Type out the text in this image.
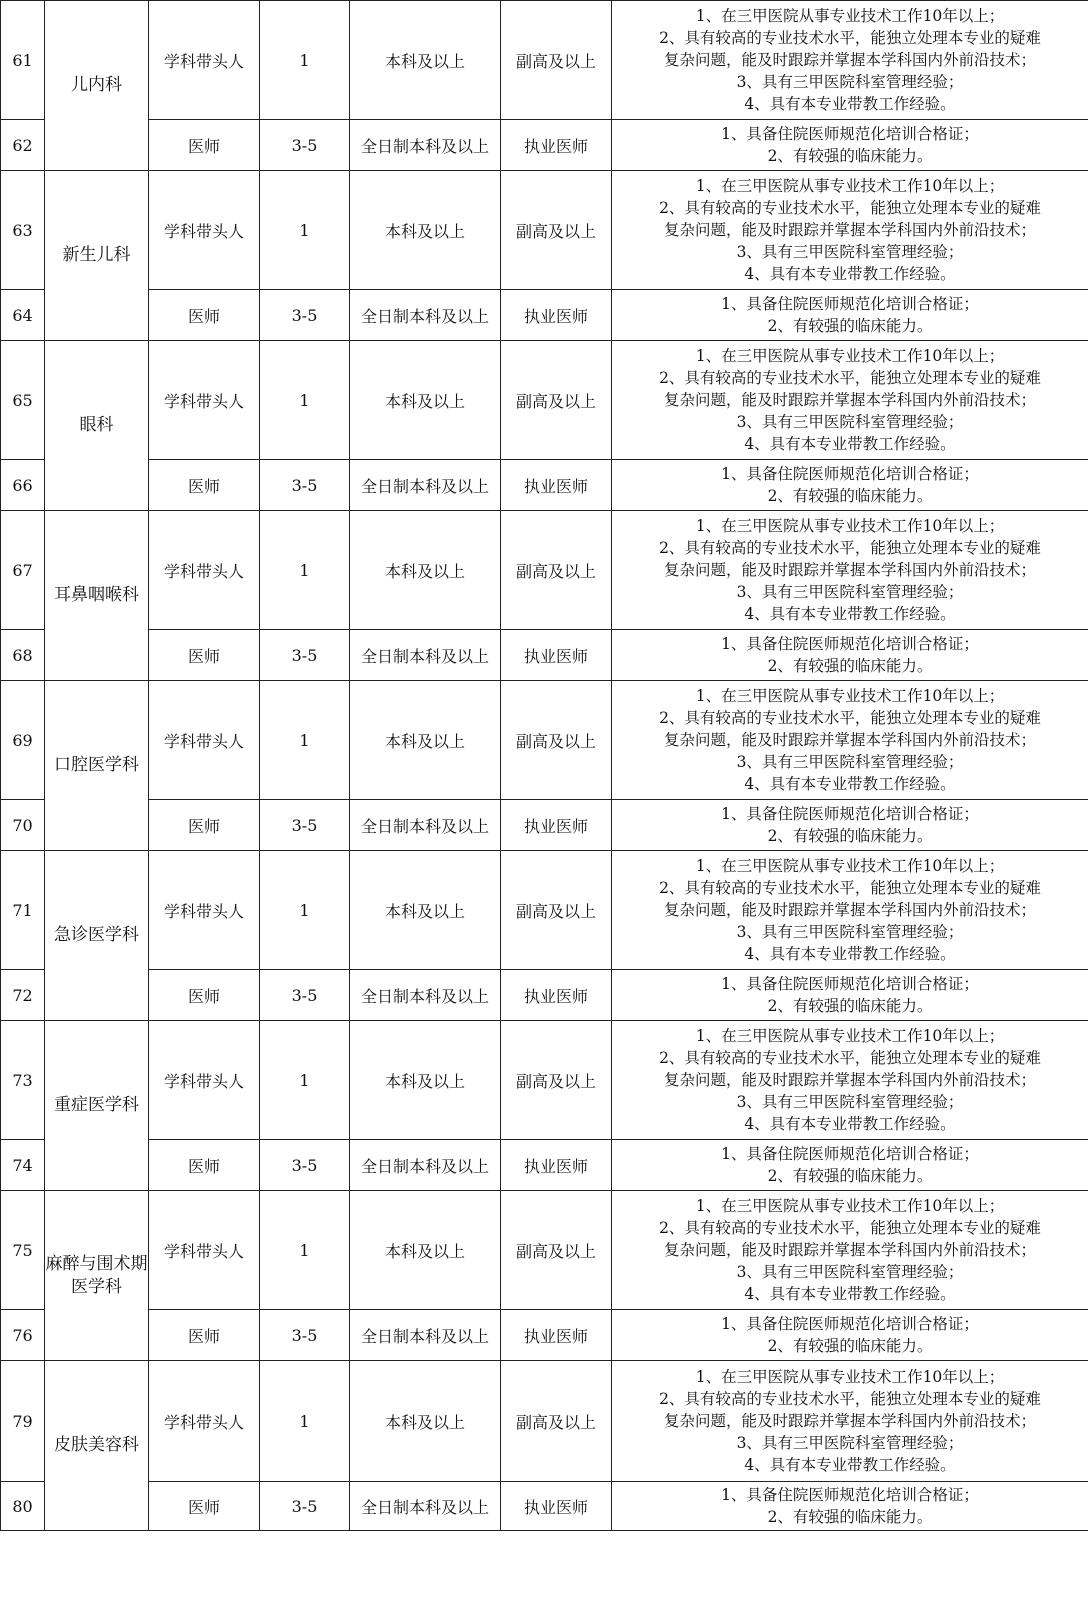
61	儿内科	学科带头人	1	本科及以上	副高及以上	1、在三甲医院从事专业技术工作10年以上；
2、具有较高的专业技术水平，能独立处理本专业的疑难
复杂问题，能及时跟踪并掌握本学科国内外前沿技术；
3、具有三甲医院科室管理经验；
4、具有本专业带教工作经验。

62		医师	3-5	全日制本科及以上	执业医师	1、具备住院医师规范化培训合格证；
2、有较强的临床能力。

63	新生儿科	学科带头人	1	本科及以上	副高及以上	1、在三甲医院从事专业技术工作10年以上；
2、具有较高的专业技术水平，能独立处理本专业的疑难
复杂问题，能及时跟踪并掌握本学科国内外前沿技术；
3、具有三甲医院科室管理经验；
4、具有本专业带教工作经验。

64		医师	3-5	全日制本科及以上	执业医师	1、具备住院医师规范化培训合格证；
2、有较强的临床能力。

65	眼科	学科带头人	1	本科及以上	副高及以上	1、在三甲医院从事专业技术工作10年以上；
2、具有较高的专业技术水平，能独立处理本专业的疑难
复杂问题，能及时跟踪并掌握本学科国内外前沿技术；
3、具有三甲医院科室管理经验；
4、具有本专业带教工作经验。

66		医师	3-5	全日制本科及以上	执业医师	1、具备住院医师规范化培训合格证；
2、有较强的临床能力。

67	耳鼻咽喉科	学科带头人	1	本科及以上	副高及以上	1、在三甲医院从事专业技术工作10年以上；
2、具有较高的专业技术水平，能独立处理本专业的疑难
复杂问题，能及时跟踪并掌握本学科国内外前沿技术；
3、具有三甲医院科室管理经验；
4、具有本专业带教工作经验。

68		医师	3-5	全日制本科及以上	执业医师	1、具备住院医师规范化培训合格证；
2、有较强的临床能力。

69	口腔医学科	学科带头人	1	本科及以上	副高及以上	1、在三甲医院从事专业技术工作10年以上；
2、具有较高的专业技术水平，能独立处理本专业的疑难
复杂问题，能及时跟踪并掌握本学科国内外前沿技术；
3、具有三甲医院科室管理经验；
4、具有本专业带教工作经验。

70		医师	3-5	全日制本科及以上	执业医师	1、具备住院医师规范化培训合格证；
2、有较强的临床能力。

71	急诊医学科	学科带头人	1	本科及以上	副高及以上	1、在三甲医院从事专业技术工作10年以上；
2、具有较高的专业技术水平，能独立处理本专业的疑难
复杂问题，能及时跟踪并掌握本学科国内外前沿技术；
3、具有三甲医院科室管理经验；
4、具有本专业带教工作经验。

72		医师	3-5	全日制本科及以上	执业医师	1、具备住院医师规范化培训合格证；
2、有较强的临床能力。

73	重症医学科	学科带头人	1	本科及以上	副高及以上	1、在三甲医院从事专业技术工作10年以上；
2、具有较高的专业技术水平，能独立处理本专业的疑难
复杂问题，能及时跟踪并掌握本学科国内外前沿技术；
3、具有三甲医院科室管理经验；
4、具有本专业带教工作经验。

74		医师	3-5	全日制本科及以上	执业医师	1、具备住院医师规范化培训合格证；
2、有较强的临床能力。

75	麻醉与围术期医学科	学科带头人	1	本科及以上	副高及以上	1、在三甲医院从事专业技术工作10年以上；
2、具有较高的专业技术水平，能独立处理本专业的疑难
复杂问题，能及时跟踪并掌握本学科国内外前沿技术；
3、具有三甲医院科室管理经验；
4、具有本专业带教工作经验。

76		医师	3-5	全日制本科及以上	执业医师	1、具备住院医师规范化培训合格证；
2、有较强的临床能力。

79	皮肤美容科	学科带头人	1	本科及以上	副高及以上	1、在三甲医院从事专业技术工作10年以上；
2、具有较高的专业技术水平，能独立处理本专业的疑难
复杂问题，能及时跟踪并掌握本学科国内外前沿技术；
3、具有三甲医院科室管理经验；
4、具有本专业带教工作经验。

80		医师	3-5	全日制本科及以上	执业医师	1、具备住院医师规范化培训合格证；
2、有较强的临床能力。
